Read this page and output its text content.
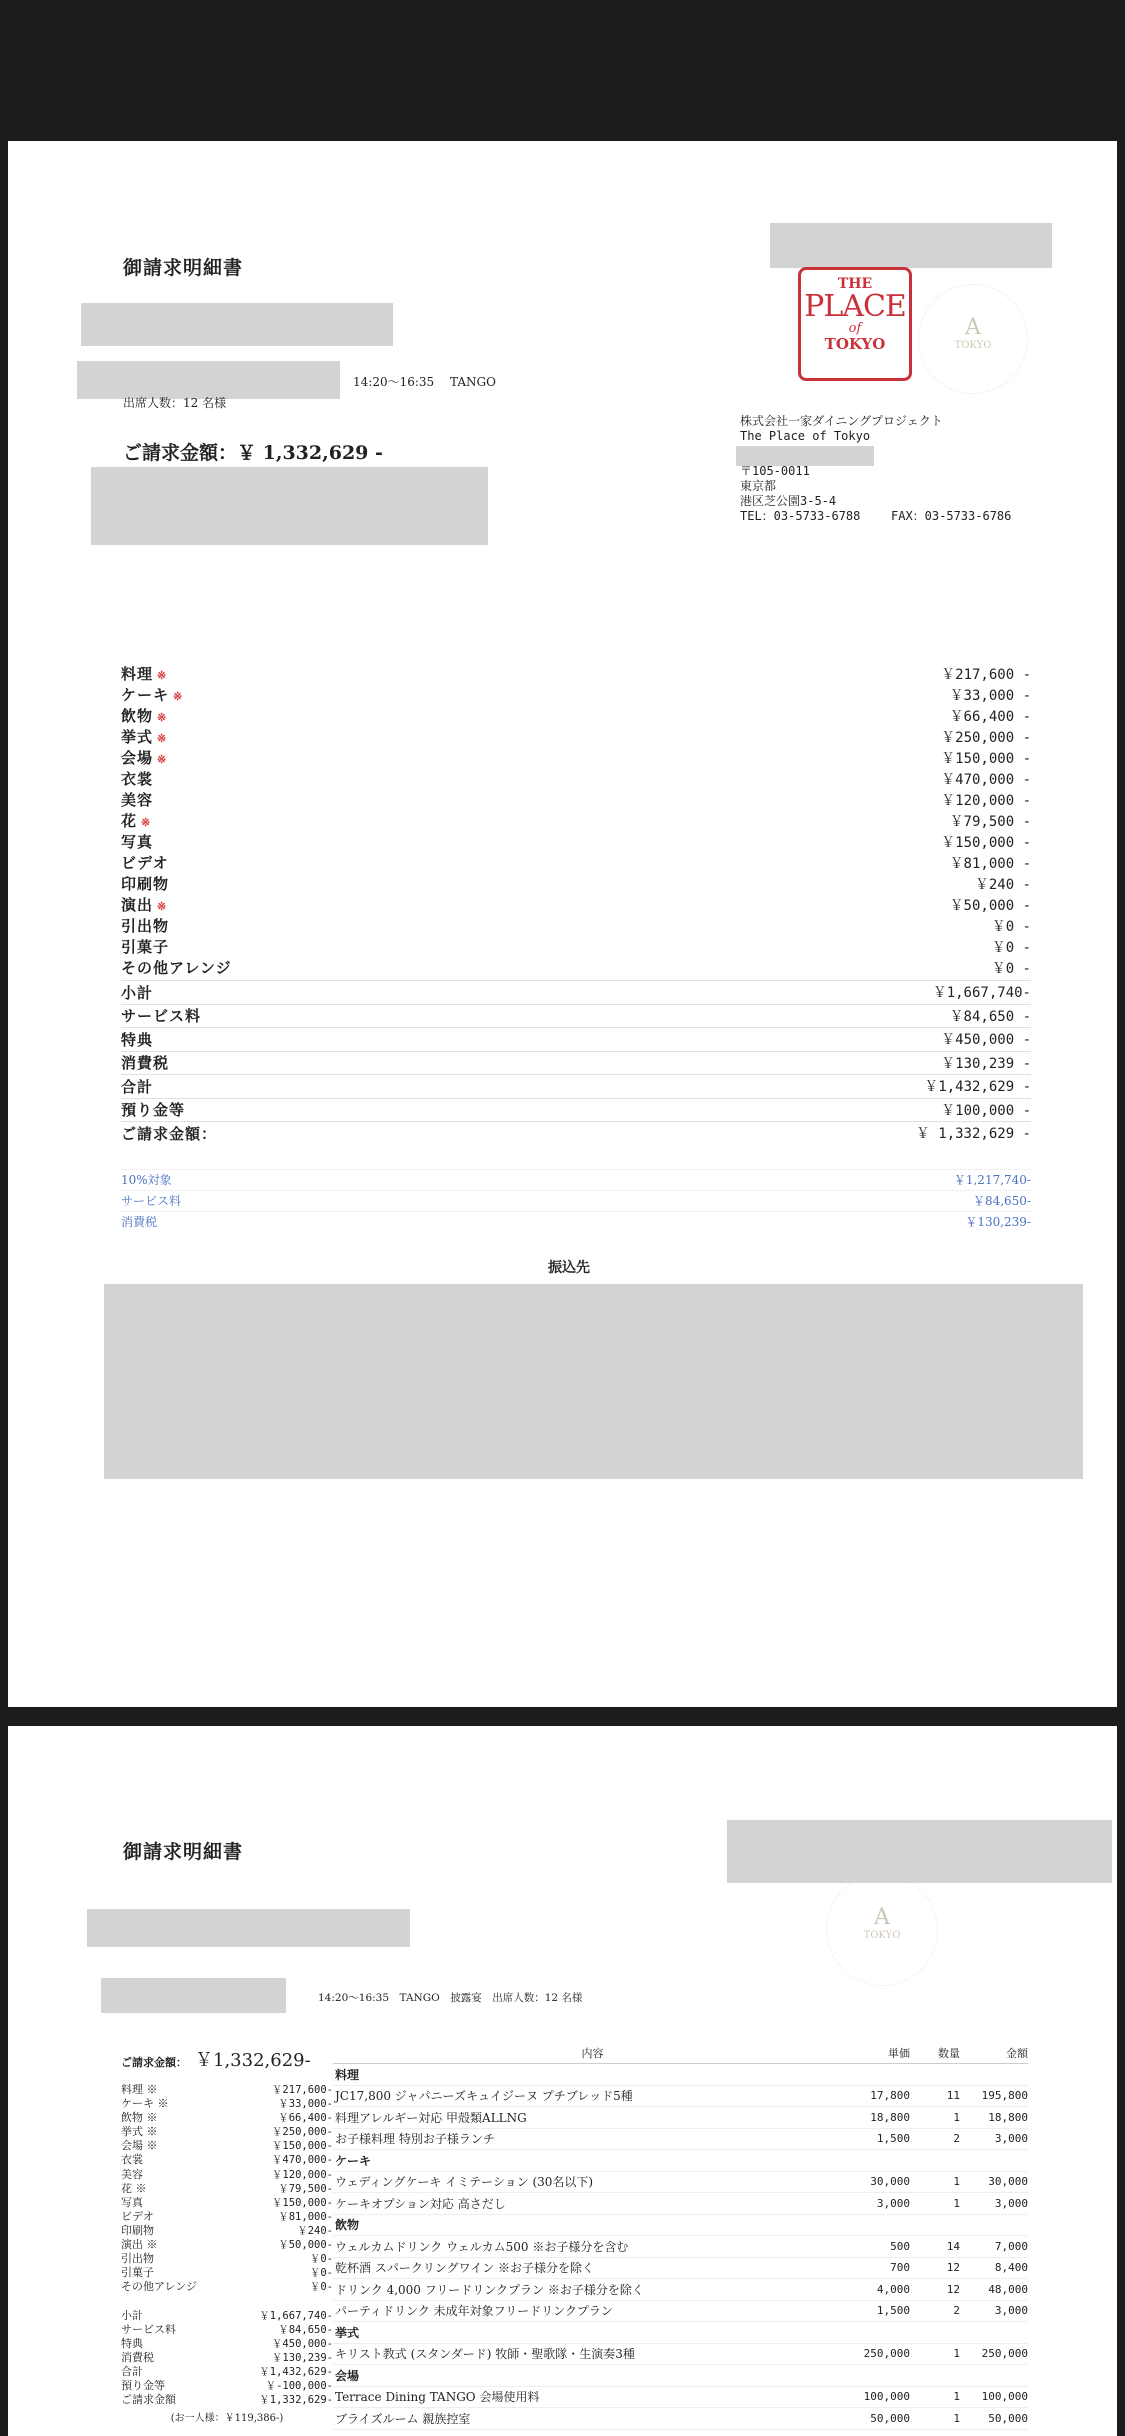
御請求明細書
14:20〜16:35　 TANGO
出席人数：12 名様
ご請求金額：￥ 1,332,629 -
THE
PLACE
of
TOKYO
A
TOKYO
株式会社一家ダイニングプロジェクト
The Place of Tokyo
〒105-0011
東京都
港区芝公園3-5-4
TEL：03-5733-6788	FAX：03-5733-6786
料理 ※	￥217,600 -
ケーキ ※	￥33,000 -
飲物 ※	￥66,400 -
挙式 ※	￥250,000 -
会場 ※	￥150,000 -
衣裳	￥470,000 -
美容	￥120,000 -
花 ※	￥79,500 -
写真	￥150,000 -
ビデオ	￥81,000 -
印刷物	￥240 -
演出 ※	￥50,000 -
引出物	￥0 -
引菓子	￥0 -
その他アレンジ	￥0 -
小計	￥1,667,740-
サービス料	￥84,650 -
特典	￥450,000 -
消費税	￥130,239 -
合計	￥1,432,629 -
預り金等	￥100,000 -
ご請求金額：	￥ 1,332,629 -
10%対象	￥1,217,740-
サービス料	￥84,650-
消費税	￥130,239-
振込先
御請求明細書
A
TOKYO
14:20〜16:35　TANGO　披露宴　出席人数：12 名様
ご請求金額： ￥1,332,629-
料理 ※	￥217,600-
ケーキ ※	￥33,000-
飲物 ※	￥66,400-
挙式 ※	￥250,000-
会場 ※	￥150,000-
衣裳	￥470,000-
美容	￥120,000-
花 ※	￥79,500-
写真	￥150,000-
ビデオ	￥81,000-
印刷物	￥240-
演出 ※	￥50,000-
引出物	￥0-
引菓子	￥0-
その他アレンジ	￥0-
小計	￥1,667,740-
サービス料	￥84,650-
特典	￥450,000-
消費税	￥130,239-
合計	￥1,432,629-
預り金等	￥-100,000-
ご請求金額	￥1,332,629-
(お一人様：￥119,386-)
内容	単価	数量	金額
料理
JC17,800 ジャパニーズキュイジーヌ プチブレッド5種	17,800	11	195,800
料理アレルギー対応 甲殻類ALLNG	18,800	1	18,800
お子様料理 特別お子様ランチ	1,500	2	3,000
ケーキ
ウェディングケーキ イミテーション (30名以下)	30,000	1	30,000
ケーキオプション対応 高さだし	3,000	1	3,000
飲物
ウェルカムドリンク ウェルカム500 ※お子様分を含む	500	14	7,000
乾杯酒 スパークリングワイン ※お子様分を除く	700	12	8,400
ドリンク 4,000 フリードリンクプラン ※お子様分を除く	4,000	12	48,000
パーティドリンク 未成年対象フリードリンクプラン	1,500	2	3,000
挙式
キリスト教式 (スタンダード) 牧師・聖歌隊・生演奏3種	250,000	1	250,000
会場
Terrace Dining TANGO 会場使用料	100,000	1	100,000
ブライズルーム 親族控室	50,000	1	50,000
